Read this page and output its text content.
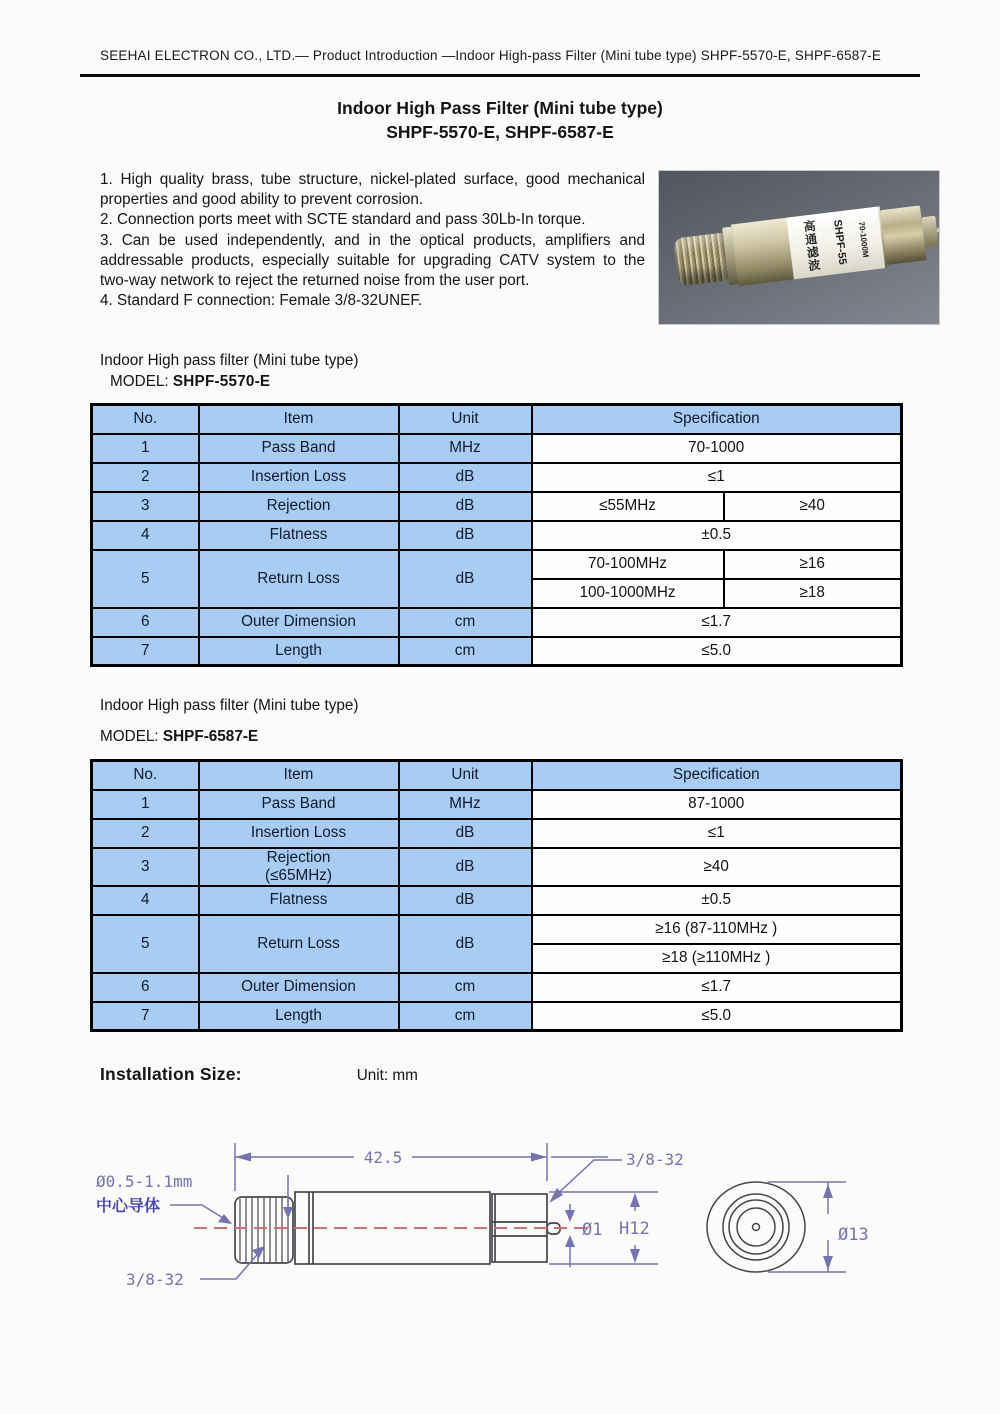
SEEHAI ELECTRON CO., LTD.— Product Introduction —Indoor High-pass Filter (Mini tube type) SHPF-5570-E, SHPF-6587-E
Indoor High Pass Filter (Mini tube type)
SHPF-5570-E, SHPF-6587-E

1. High quality brass, tube structure, nickel-plated surface, good mechanical properties and good ability to prevent corrosion.

2. Connection ports meet with SCTE standard and pass 30Lb-In torque.

3. Can be used independently, and in the optical products, amplifiers and addressable products, especially suitable for upgrading CATV system to the two-way network to reject the returned noise from the user port.

4. Standard F connection: Female 3/8-32UNEF.

高通滤波 SHPF-55 70-1000M
Indoor High pass filter (Mini tube type)
MODEL: SHPF-5570-E
No.	Item	Unit	Specification	
1	Pass Band	MHz	70-1000	
2	Insertion Loss	dB	≤1	
3	Rejection	dB	≤55MHz	≥40
4	Flatness	dB	±0.5	
5	Return Loss	dB	70-100MHz	≥16
			100-1000MHz	≥18
6	Outer Dimension	cm	≤1.7	
7	Length	cm	≤5.0	
Indoor High pass filter (Mini tube type)
MODEL: SHPF-6587-E
No.	Item	Unit	Specification
1	Pass Band	MHz	87-1000
2	Insertion Loss	dB	≤1
3	Rejection
(≤65MHz)	dB	≥40
4	Flatness	dB	±0.5
5	Return Loss	dB	≥16 (87-110MHz )
			≥18 (≥110MHz )
6	Outer Dimension	cm	≤1.7
7	Length	cm	≤5.0
Installation Size:	Unit: mm
42.5	3/8-32
Ø1 H12
Ø0.5-1.1mm
中心导体
3/8-32
Ø13
